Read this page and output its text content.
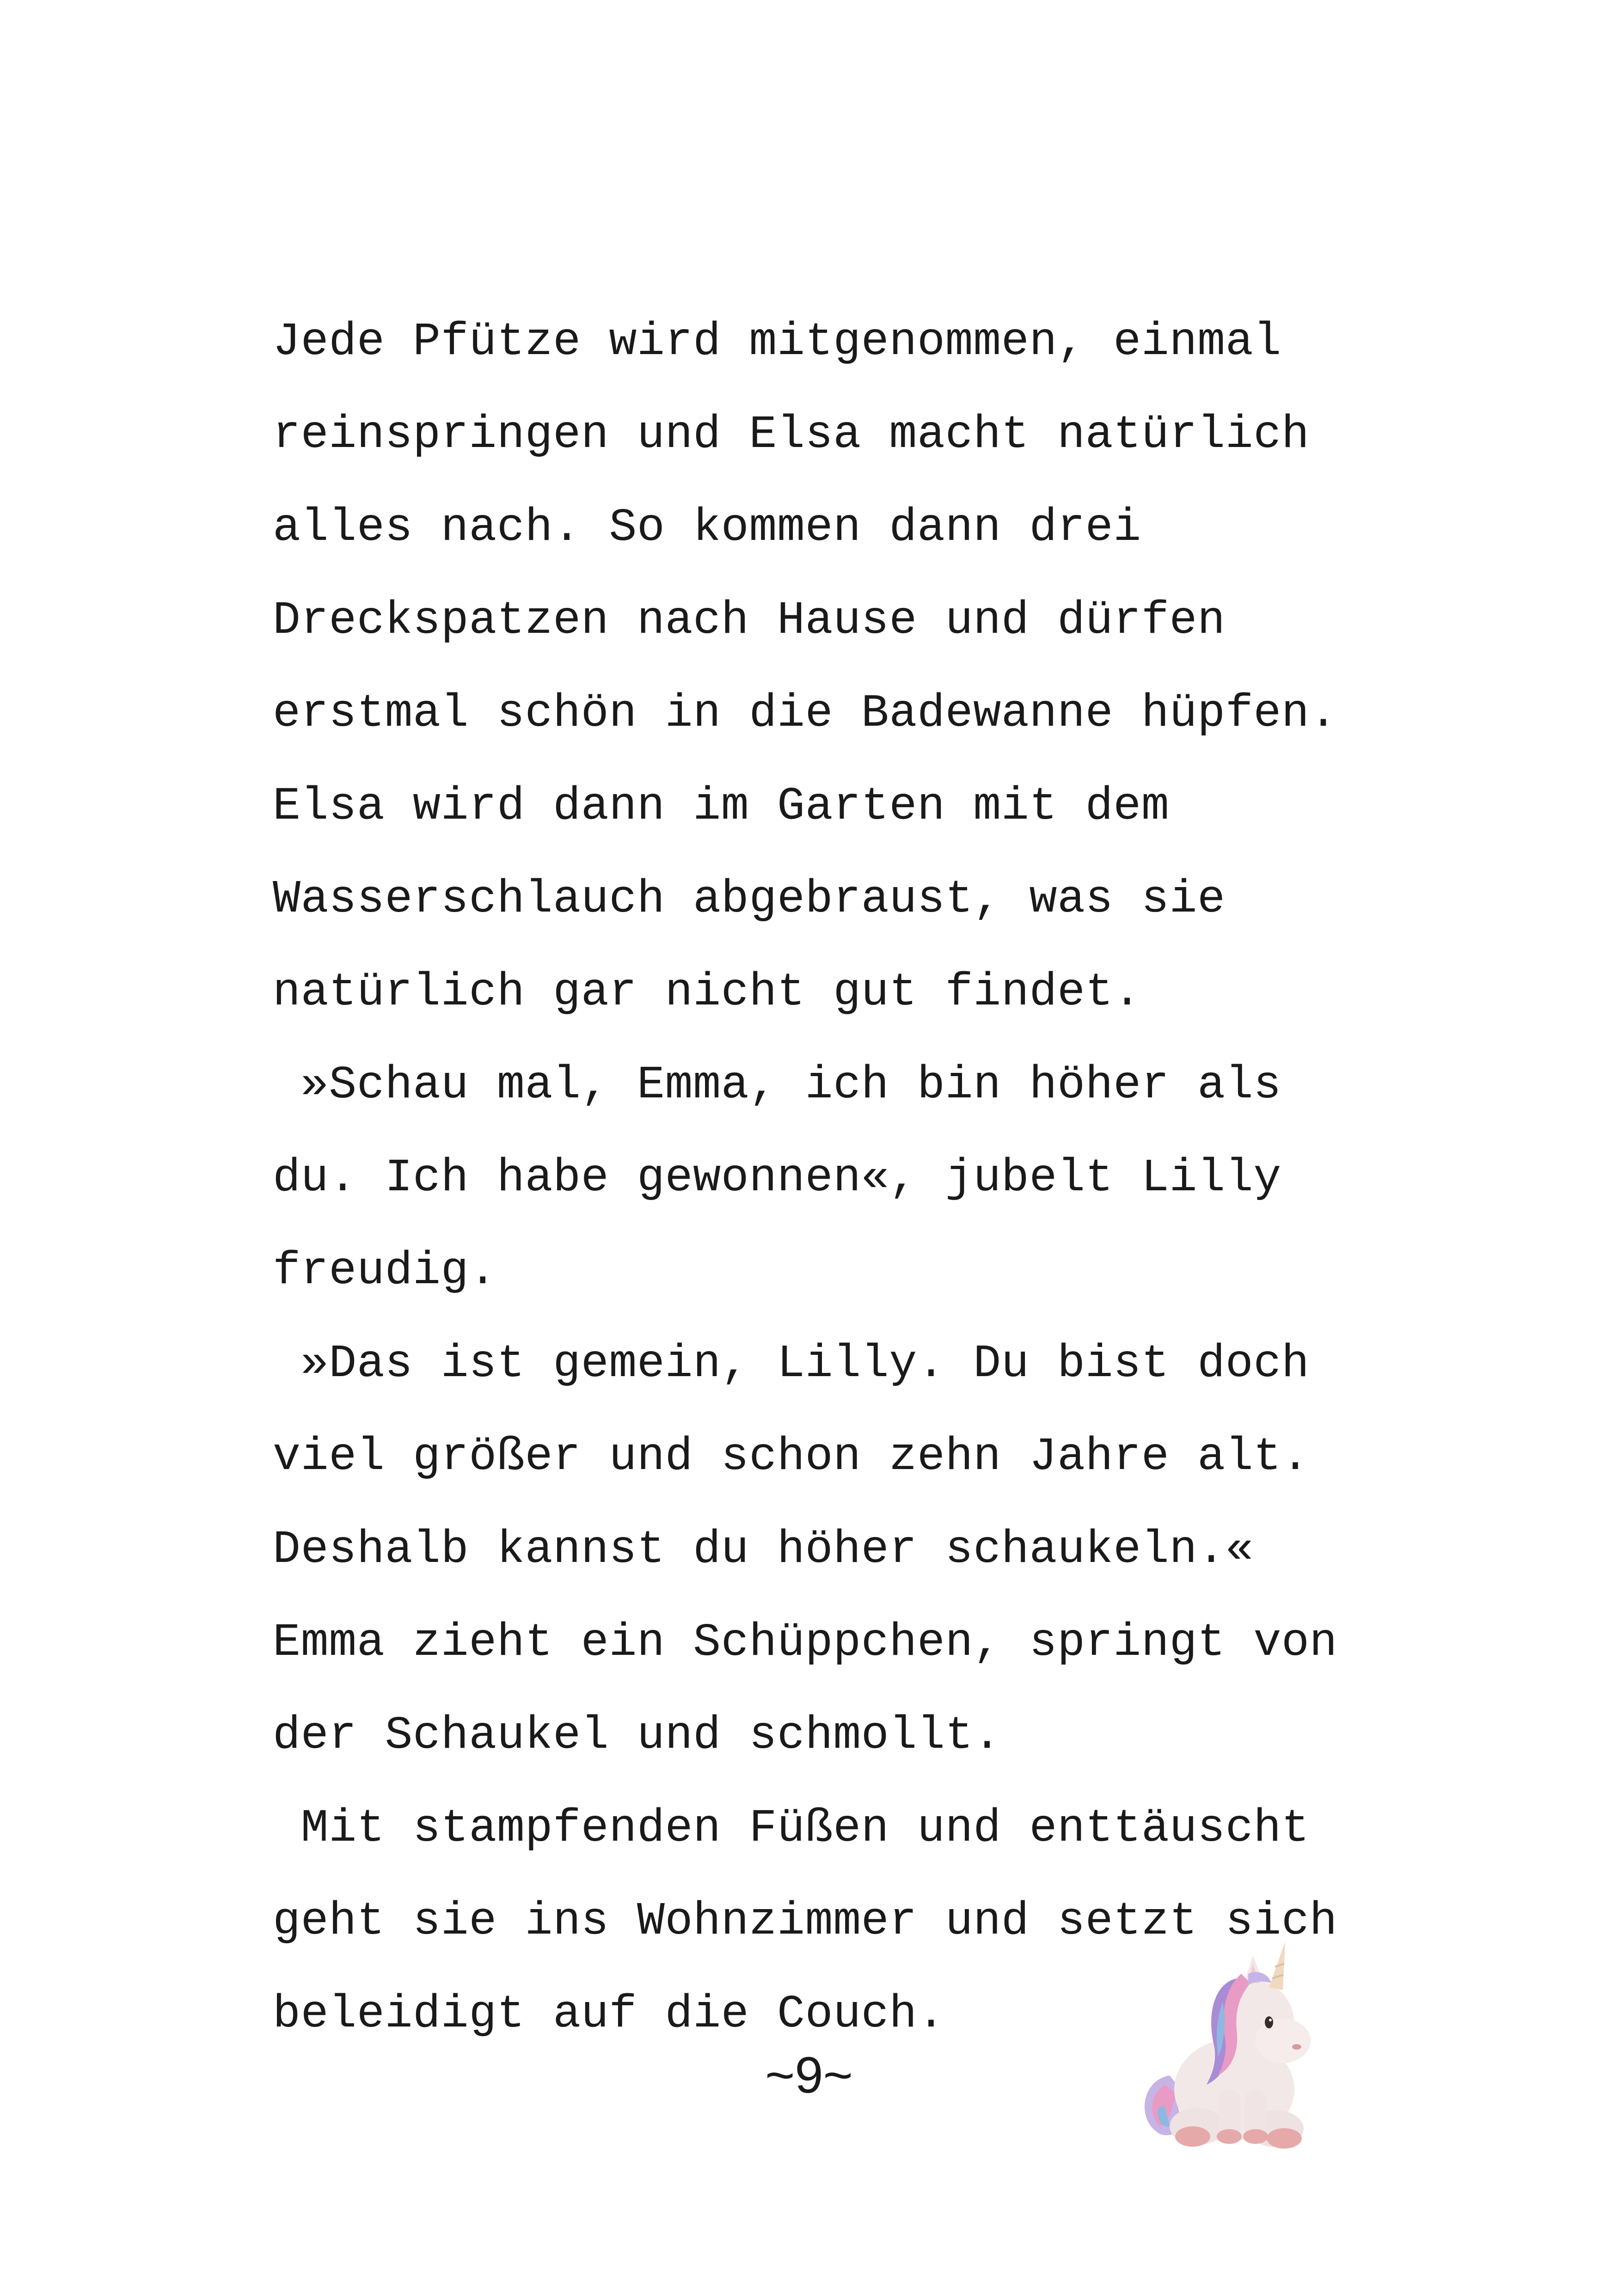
Jede Pfütze wird mitgenommen, einmal
reinspringen und Elsa macht natürlich
alles nach. So kommen dann drei
Dreckspatzen nach Hause und dürfen
erstmal schön in die Badewanne hüpfen.
Elsa wird dann im Garten mit dem
Wasserschlauch abgebraust, was sie
natürlich gar nicht gut findet.
»Schau mal, Emma, ich bin höher als
du. Ich habe gewonnen«, jubelt Lilly
freudig.
»Das ist gemein, Lilly. Du bist doch
viel größer und schon zehn Jahre alt.
Deshalb kannst du höher schaukeln.«
Emma zieht ein Schüppchen, springt von
der Schaukel und schmollt.
Mit stampfenden Füßen und enttäuscht
geht sie ins Wohnzimmer und setzt sich
beleidigt auf die Couch.
~9~
